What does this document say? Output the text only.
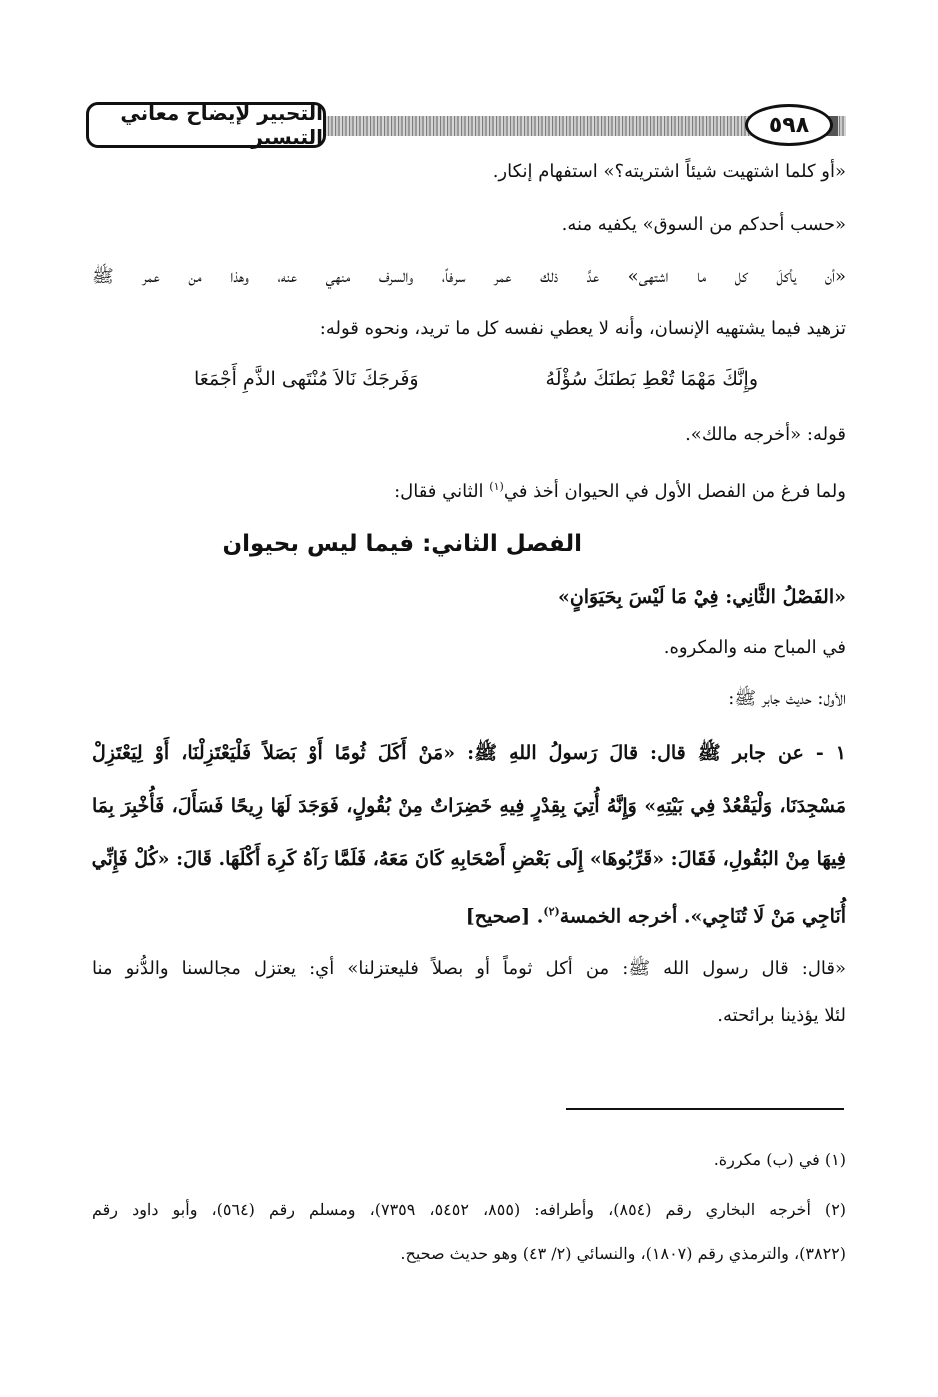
التحبير لإيضاح معاني التيسير	٥٩٨
«أو كلما اشتهيت شيئاً اشتريته؟» استفهام إنكار.
«حسب أحدكم من السوق» يكفيه منه.
«أن يأكلَ كل ما اشتهى» عدَّ ذلك عمر سرفاً، والسرف منهي عنه، وهذا من عمر ﷺ
تزهيد فيما يشتهيه الإنسان، وأنه لا يعطي نفسه كل ما تريد، ونحوه قوله:
وإِنَّكَ مَهْمَا تُعْطِ بَطنَكَ سُؤْلَهُ
وَفَرجَكَ نَالاَ مُنْتَهى الذَّمِ أَجْمَعَا
قوله: «أخرجه مالك».
ولما فرغ من الفصل الأول في الحيوان أخذ في$^{(١)}$ الثاني فقال:
الفصل الثاني: فيما ليس بحيوان
«الفَصْلُ الثَّانِي: فِيْ مَا لَيْسَ بِحَيَوَانٍ»
في المباح منه والمكروه.
الأول: حديث جابر ﷺ:
١ - عن جابر ﷺ قال: قالَ رَسولُ اللهِ ﷺ: «مَنْ أَكَلَ ثُومًا أَوْ بَصَلاً فَلْيَعْتَزِلْنَا، أَوْ لِيَعْتَزِلْ
مَسْجِدَنَا، وَلْيَقْعُدْ فِي بَيْتِهِ» وَإِنَّهُ أُتِيَ بِقِدْرٍ فِيهِ خَضِرَاتٌ مِنْ بُقُولٍ، فَوَجَدَ لَهَا رِيحًا فَسَأَلَ، فَأُخْبِرَ بِمَا
فِيهَا مِنْ البُقُولِ، فَقَالَ: «قَرِّبُوهَا» إِلَى بَعْضِ أَصْحَابِهِ كَانَ مَعَهُ، فَلَمَّا رَآهُ كَرِهَ أَكْلَهَا. قَالَ: «كُلْ فَإِنِّي
أُنَاجِي مَنْ لَا تُنَاجِي». أخرجه الخمسة$^{(٢)}$. [صحيح]
«قال: قال رسول الله ﷺ: من أكل ثوماً أو بصلاً فليعتزلنا» أي: يعتزل مجالسنا والدُّنو منا
لئلا يؤذينا برائحته.
(١) في (ب) مكررة.
(٢) أخرجه البخاري رقم (٨٥٤)، وأطرافه: (٨٥٥، ٥٤٥٢، ٧٣٥٩)، ومسلم رقم (٥٦٤)، وأبو داود رقم
(٣٨٢٢)، والترمذي رقم (١٨٠٧)، والنسائي (٢/ ٤٣) وهو حديث صحيح.
